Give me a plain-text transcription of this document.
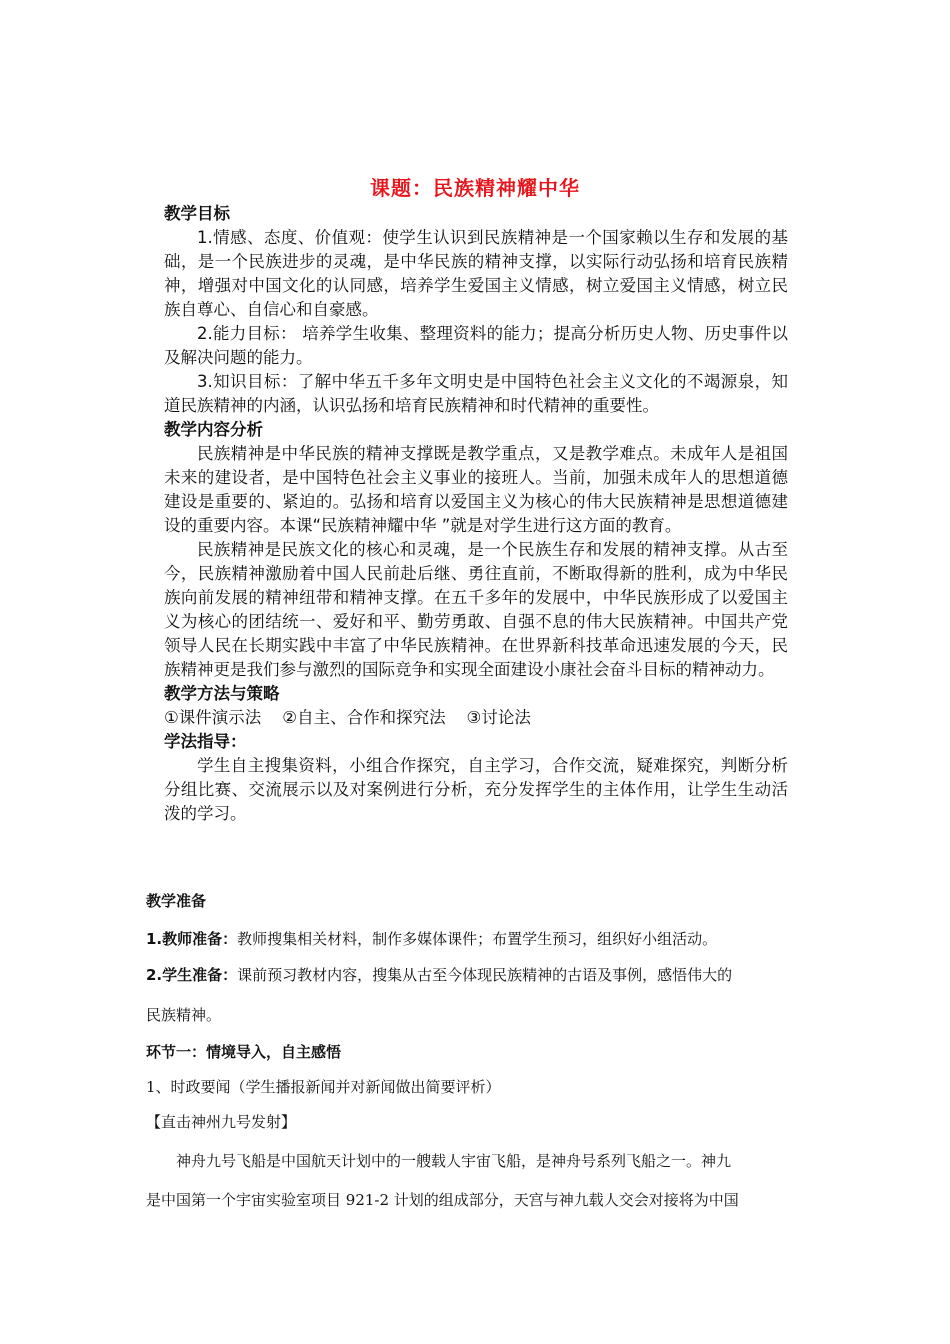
课题：民族精神耀中华
教学目标

1.情感、态度、价值观：使学生认识到民族精神是一个国家赖以生存和发展的基础，是一个民族进步的灵魂，是中华民族的精神支撑，以实际行动弘扬和培育民族精神，增强对中国文化的认同感，培养学生爱国主义情感，树立爱国主义情感，树立民族自尊心、自信心和自豪感。

2.能力目标： 培养学生收集、整理资料的能力；提高分析历史人物、历史事件以及解决问题的能力。

3.知识目标：了解中华五千多年文明史是中国特色社会主义文化的不竭源泉，知道民族精神的内涵，认识弘扬和培育民族精神和时代精神的重要性。

教学内容分析

民族精神是中华民族的精神支撑既是教学重点，又是教学难点。未成年人是祖国未来的建设者，是中国特色社会主义事业的接班人。当前，加强未成年人的思想道德建设是重要的、紧迫的。弘扬和培育以爱国主义为核心的伟大民族精神是思想道德建设的重要内容。本课“民族精神耀中华 ”就是对学生进行这方面的教育。

民族精神是民族文化的核心和灵魂，是一个民族生存和发展的精神支撑。从古至今，民族精神激励着中国人民前赴后继、勇往直前，不断取得新的胜利，成为中华民族向前发展的精神纽带和精神支撑。在五千多年的发展中，中华民族形成了以爱国主义为核心的团结统一、爱好和平、勤劳勇敢、自强不息的伟大民族精神。中国共产党领导人民在长期实践中丰富了中华民族精神。在世界新科技革命迅速发展的今天，民族精神更是我们参与激烈的国际竞争和实现全面建设小康社会奋斗目标的精神动力。

教学方法与策略
①课件演示法    ②自主、合作和探究法    ③讨论法
学法指导：

学生自主搜集资料，小组合作探究，自主学习，合作交流，疑难探究，判断分析分组比赛、交流展示以及对案例进行分析，充分发挥学生的主体作用，让学生生动活泼的学习。

教学准备
1.教师准备：教师搜集相关材料，制作多媒体课件；布置学生预习，组织好小组活动。
2.学生准备：课前预习教材内容，搜集从古至今体现民族精神的古语及事例，感悟伟大的
民族精神。
环节一：情境导入，自主感悟
1、时政要闻（学生播报新闻并对新闻做出简要评析）
【直击神州九号发射】
神舟九号飞船是中国航天计划中的一艘载人宇宙飞船，是神舟号系列飞船之一。神九
是中国第一个宇宙实验室项目 921-2 计划的组成部分，天宫与神九载人交会对接将为中国
